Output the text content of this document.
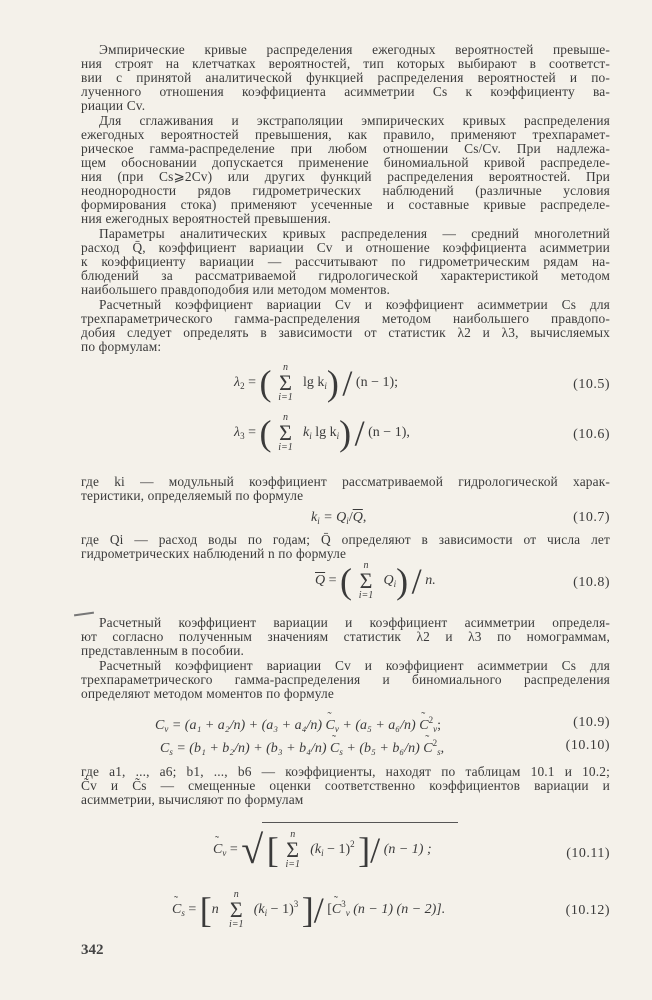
Эмпирические кривые распределения ежегодных вероятностей превыше-
ния строят на клетчатках вероятностей, тип которых выбирают в соответст-
вии с принятой аналитической функцией распределения вероятностей и по-
лученного отношения коэффициента асимметрии Cs к коэффициенту ва-
риации Cv.
Для сглаживания и экстраполяции эмпирических кривых распределения
ежегодных вероятностей превышения, как правило, применяют трехпарамет-
рическое гамма-распределение при любом отношении Cs/Cv. При надлежа-
щем обосновании допускается применение биномиальной кривой распределе-
ния (при Cs⩾2Cv) или других функций распределения вероятностей. При
неоднородности рядов гидрометрических наблюдений (различные условия
формирования стока) применяют усеченные и составные кривые распределе-
ния ежегодных вероятностей превышения.
Параметры аналитических кривых распределения — средний многолетний
расход Q̄, коэффициент вариации Cv и отношение коэффициента асимметрии
к коэффициенту вариации — рассчитывают по гидрометрическим рядам на-
блюдений за рассматриваемой гидрологической характеристикой методом
наибольшего правдоподобия или методом моментов.
Расчетный коэффициент вариации Cv и коэффициент асимметрии Cs для
трехпараметрического гамма-распределения методом наибольшего правдопо-
добия следует определять в зависимости от статистик λ2 и λ3, вычисляемых
по формулам:
$\lambda_2$ = (	n
Σ
i=1
$\lg k_i) / (n - 1)$;	(10.5)
$\lambda_3$ = (	n
Σ
i=1
$k_i$ $\lg k_i) / (n - 1)$,	(10.6)
где ki — модульный коэффициент рассматриваемой гидрологической харак-
теристики, определяемый по формуле
$k_i = Q_i/\overline{Q}$,	(10.7)
где Qi — расход воды по годам; Q̄ определяют в зависимости от числа лет
гидрометрических наблюдений n по формуле
$\overline{Q}$ = (	n
Σ
i=1
$Q_i$) / n.	(10.8)
Расчетный коэффициент вариации и коэффициент асимметрии определя-
ют согласно полученным значениям статистик λ2 и λ3 по номограммам,
представленным в пособии.
Расчетный коэффициент вариации Cv и коэффициент асимметрии Cs для
трехпараметрического гамма-распределения и биномиального распределения
определяют методом моментов по формуле
$C_v = (a_1 + a_2/n) + (a_3 + a_4/n)$ ˜ $C_v + (a_5 + a_6/n)$ ˜ $C^2_v$;	(10.9)
$C_s = (b_1 + b_2/n) + (b_3 + b_4/n)$ ˜ $C_s + (b_5 + b_6/n)$ ˜ $C^2_s$,	(10.10)
где a1, ..., a6; b1, ..., b6 — коэффициенты, находят по таблицам 10.1 и 10.2;
C̃v и C̃s — смещенные оценки соответственно коэффициентов вариации и
асимметрии, вычисляют по формулам
˜ $C_v$ = √ [	n
Σ
i=1
$(k_i - 1)^2$ ]/ (n − 1) ;	(10.11)
˜ $C_s = [n$
n
Σ
i=1
$(k_i - 1)^3$ ]/ [˜ $C^3_v$ (n − 1) (n − 2)].	(10.12)
342
